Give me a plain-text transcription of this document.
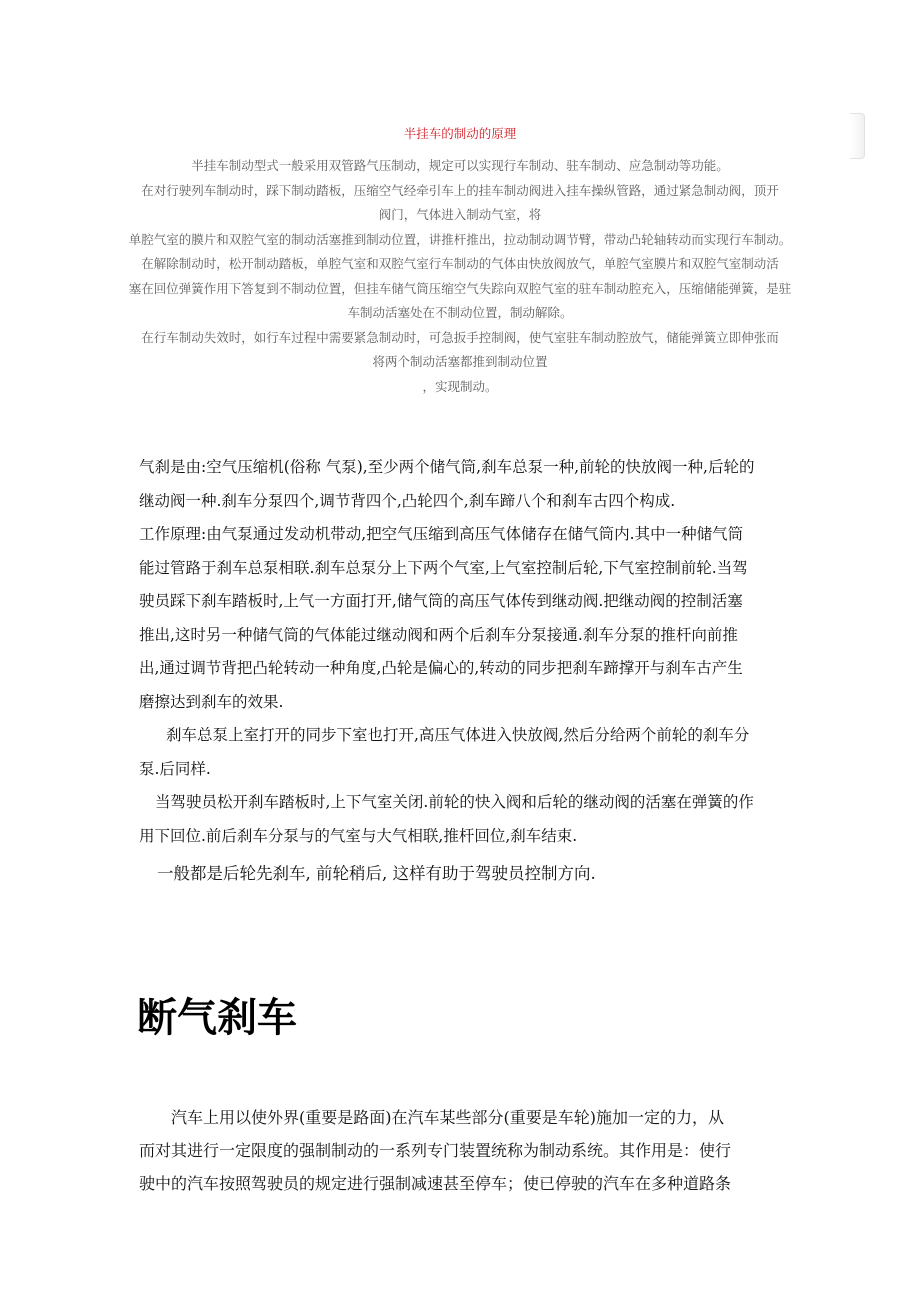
半挂车的制动的原理

半挂车制动型式一般采用双管路气压制动，规定可以实现行车制动、驻车制动、应急制动等功能。

在对行驶列车制动时，踩下制动踏板，压缩空气经牵引车上的挂车制动阀进入挂车操纵管路，通过紧急制动阀，顶开

阀门，气体进入制动气室，将

单腔气室的膜片和双腔气室的制动活塞推到制动位置，讲推杆推出，拉动制动调节臂，带动凸轮轴转动而实现行车制动。

在解除制动时，松开制动踏板，单腔气室和双腔气室行车制动的气体由快放阀放气，单腔气室膜片和双腔气室制动活

塞在回位弹簧作用下答复到不制动位置，但挂车储气筒压缩空气失踪向双腔气室的驻车制动腔充入，压缩储能弹簧，是驻

车制动活塞处在不制动位置，制动解除。

在行车制动失效时，如行车过程中需要紧急制动时，可急扳手控制阀，使气室驻车制动腔放气，储能弹簧立即伸张而

将两个制动活塞都推到制动位置

，实现制动。

气刹是由:空气压缩机(俗称 气泵),至少两个储气筒,刹车总泵一种,前轮的快放阀一种,后轮的

继动阀一种.刹车分泵四个,调节背四个,凸轮四个,刹车蹄八个和刹车古四个构成.

工作原理:由气泵通过发动机带动,把空气压缩到高压气体储存在储气筒内.其中一种储气筒

能过管路于刹车总泵相联.刹车总泵分上下两个气室,上气室控制后轮,下气室控制前轮.当驾

驶员踩下刹车踏板时,上气一方面打开,储气筒的高压气体传到继动阀.把继动阀的控制活塞

推出,这时另一种储气筒的气体能过继动阀和两个后刹车分泵接通.刹车分泵的推杆向前推

出,通过调节背把凸轮转动一种角度,凸轮是偏心的,转动的同步把刹车蹄撑开与刹车古产生

磨擦达到刹车的效果.

刹车总泵上室打开的同步下室也打开,高压气体进入快放阀,然后分给两个前轮的刹车分

泵.后同样.

当驾驶员松开刹车踏板时,上下气室关闭.前轮的快入阀和后轮的继动阀的活塞在弹簧的作

用下回位.前后刹车分泵与的气室与大气相联,推杆回位,刹车结束.

一般都是后轮先刹车, 前轮稍后, 这样有助于驾驶员控制方向.

断气刹车

汽车上用以使外界(重要是路面)在汽车某些部分(重要是车轮)施加一定的力，从

而对其进行一定限度的强制制动的一系列专门装置统称为制动系统。其作用是：使行

驶中的汽车按照驾驶员的规定进行强制减速甚至停车；使已停驶的汽车在多种道路条
